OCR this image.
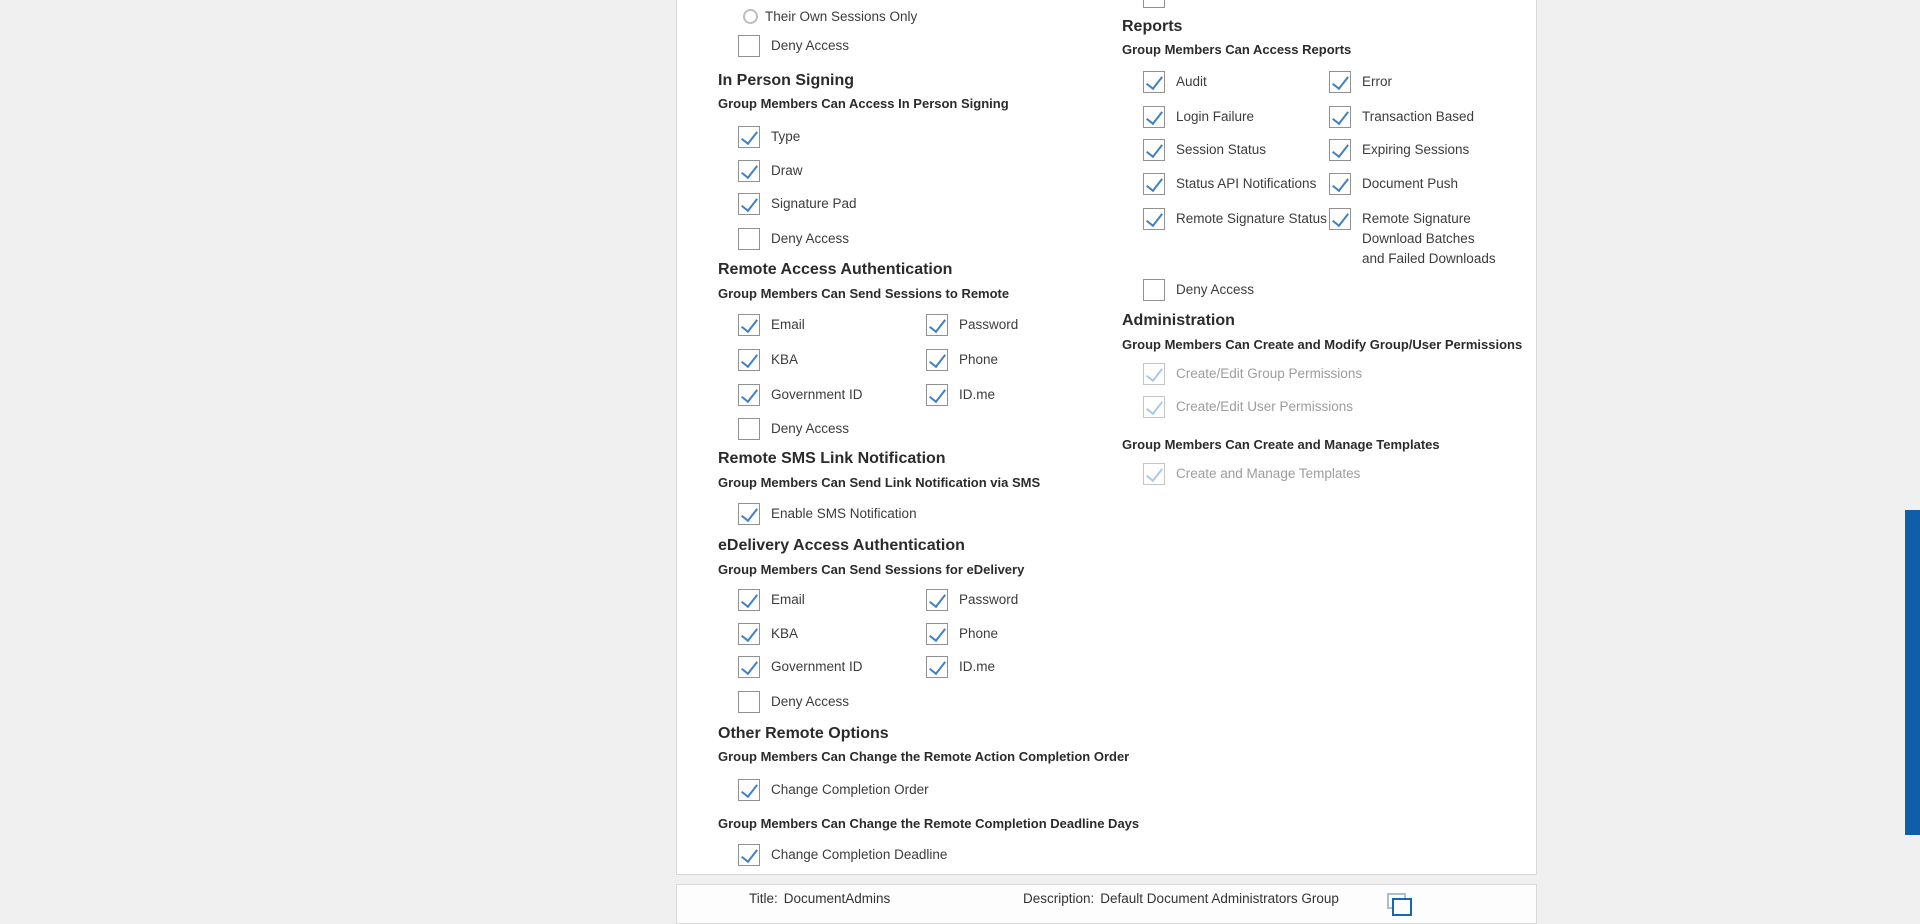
Their Own Sessions Only
Deny Access
In Person Signing
Group Members Can Access In Person Signing
Type
Draw
Signature Pad
Deny Access
Remote Access Authentication
Group Members Can Send Sessions to Remote
Email	Password
KBA	Phone
Government ID	ID.me
Deny Access
Remote SMS Link Notification
Group Members Can Send Link Notification via SMS
Enable SMS Notification
eDelivery Access Authentication
Group Members Can Send Sessions for eDelivery
Email	Password
KBA	Phone
Government ID	ID.me
Deny Access
Other Remote Options
Group Members Can Change the Remote Action Completion Order
Change Completion Order
Group Members Can Change the Remote Completion Deadline Days
Change Completion Deadline
Reports
Group Members Can Access Reports
Audit	Error
Login Failure	Transaction Based
Session Status	Expiring Sessions
Status API Notifications	Document Push
Remote Signature Status	Remote Signature Download Batches and Failed Downloads
Deny Access
Administration
Group Members Can Create and Modify Group/User Permissions
Create/Edit Group Permissions
Create/Edit User Permissions
Group Members Can Create and Manage Templates
Create and Manage Templates
Title: DocumentAdmins	Description: Default Document Administrators Group
